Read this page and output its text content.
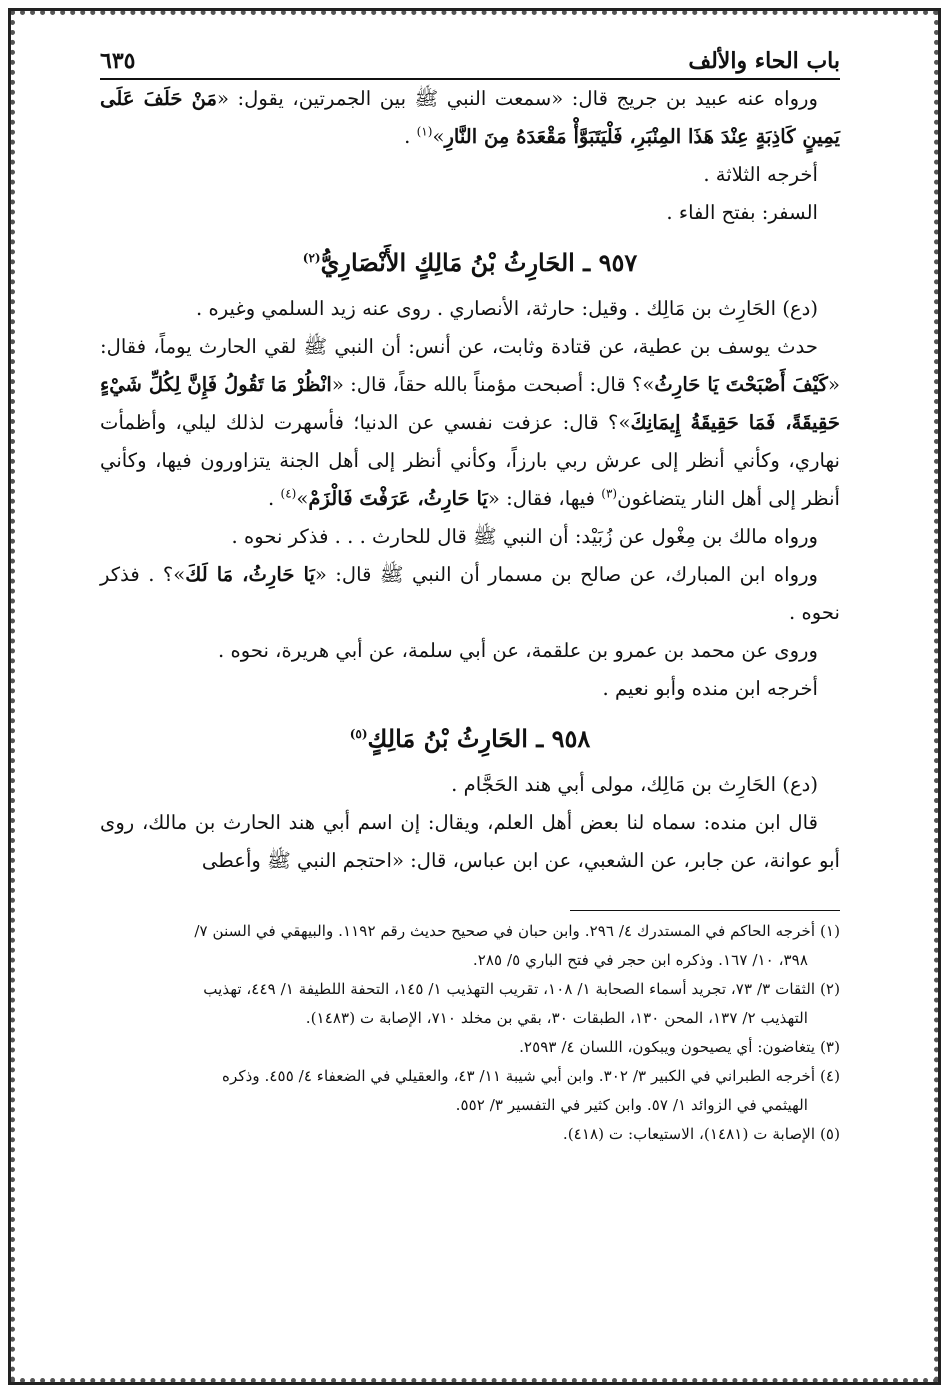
باب الحاء والألف
٦٣٥

ورواه عنه عبيد بن جريج قال: «سمعت النبي ﷺ بين الجمرتين، يقول: «مَنْ حَلَفَ عَلَى يَمِينٍ كَاذِبَةٍ عِنْدَ هَذَا المِنْبَرِ، فَلْيَتَبَوَّأْ مَقْعَدَهُ مِنَ النَّارِ»$^{(١)}$ .

أخرجه الثلاثة .

السفر: بفتح الفاء .

٩٥٧ ـ الحَارِثُ بْنُ مَالِكٍ الأَنْصَارِيُّ$^{(٢)}$

(دع) الحَارِث بن مَالِك . وقيل: حارثة، الأنصاري . روى عنه زيد السلمي وغيره .

حدث يوسف بن عطية، عن قتادة وثابت، عن أنس: أن النبي ﷺ لقي الحارث يوماً، فقال: «كَيْفَ أَصْبَحْتَ يَا حَارِثُ»؟ قال: أصبحت مؤمناً بالله حقاً، قال: «انْظُرْ مَا تَقُولُ فَإِنَّ لِكُلِّ شَيْءٍ حَقِيقَةً، فَمَا حَقِيقَةُ إِيمَانِكَ»؟ قال: عزفت نفسي عن الدنيا؛ فأسهرت لذلك ليلي، وأظمأت نهاري، وكأني أنظر إلى عرش ربي بارزاً، وكأني أنظر إلى أهل الجنة يتزاورون فيها، وكأني أنظر إلى أهل النار يتضاغون$^{(٣)}$ فيها، فقال: «يَا حَارِثُ، عَرَفْتَ فَالْزَمْ»$^{(٤)}$ .

ورواه مالك بن مِغْول عن زُبَيْد: أن النبي ﷺ قال للحارث . . . فذكر نحوه .

ورواه ابن المبارك، عن صالح بن مسمار أن النبي ﷺ قال: «يَا حَارِثُ، مَا لَكَ»؟ . فذكر نحوه .

وروى عن محمد بن عمرو بن علقمة، عن أبي سلمة، عن أبي هريرة، نحوه .

أخرجه ابن منده وأبو نعيم .

٩٥٨ ـ الحَارِثُ بْنُ مَالِكٍ$^{(٥)}$

(دع) الحَارِث بن مَالِك، مولى أبي هند الحَجَّام .

قال ابن منده: سماه لنا بعض أهل العلم، ويقال: إن اسم أبي هند الحارث بن مالك، روى أبو عوانة، عن جابر، عن الشعبي، عن ابن عباس، قال: «احتجم النبي ﷺ وأعطى

(١) أخرجه الحاكم في المستدرك ٤/ ٢٩٦. وابن حبان في صحيح حديث رقم ١١٩٢. والبيهقي في السنن ٧/

٣٩٨، ١٠/ ١٦٧. وذكره ابن حجر في فتح الباري ٥/ ٢٨٥.

(٢) الثقات ٣/ ٧٣، تجريد أسماء الصحابة ١/ ١٠٨، تقريب التهذيب ١/ ١٤٥، التحفة اللطيفة ١/ ٤٤٩، تهذيب

التهذيب ٢/ ١٣٧، المحن ١٣٠، الطبقات ٣٠، بقي بن مخلد ٧١٠، الإصابة ت (١٤٨٣).

(٣) يتغاضون: أي يصيحون ويبكون، اللسان ٤/ ٢٥٩٣.

(٤) أخرجه الطبراني في الكبير ٣/ ٣٠٢. وابن أبي شيبة ١١/ ٤٣، والعقيلي في الضعفاء ٤/ ٤٥٥. وذكره

الهيثمي في الزوائد ١/ ٥٧. وابن كثير في التفسير ٣/ ٥٥٢.

(٥) الإصابة ت (١٤٨١)، الاستيعاب: ت (٤١٨).
